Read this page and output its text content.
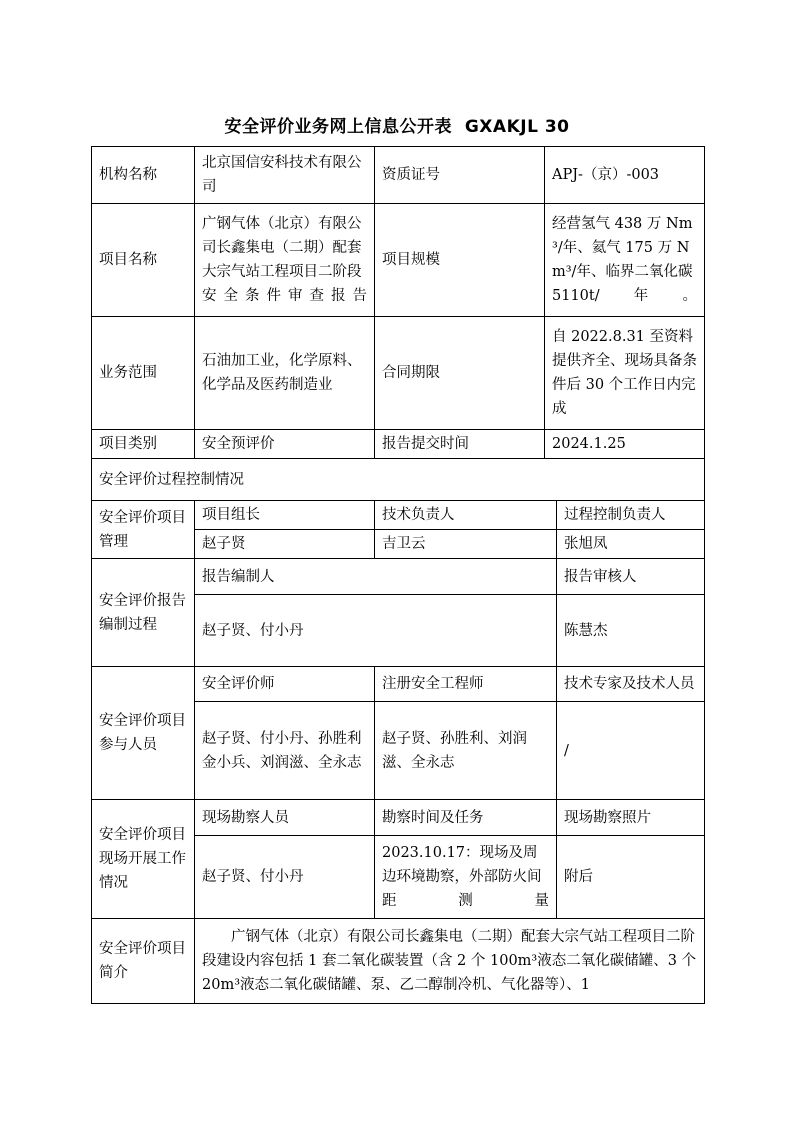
安全评价业务网上信息公开表  GXAKJL 30
机构名称	北京国信安科技术有限公司	资质证号	APJ-（京）-003	
项目名称	广钢气体（北京）有限公司长鑫集电（二期）配套大宗气站工程项目二阶段安全条件审查报告	项目规模	经营氢气 438 万 Nm³/年、氦气 175 万 Nm³/年、临界二氧化碳 5110t/年。	
业务范围	石油加工业，化学原料、化学品及医药制造业	合同期限	自 2022.8.31 至资料提供齐全、现场具备条件后 30 个工作日内完成	
项目类别	安全预评价	报告提交时间	2024.1.25	
安全评价过程控制情况				
安全评价项目管理	项目组长	技术负责人		过程控制负责人
	赵子贤	吉卫云		张旭凤
安全评价报告编制过程	报告编制人			报告审核人
	赵子贤、付小丹			陈慧杰
安全评价项目参与人员	安全评价师	注册安全工程师		技术专家及技术人员
	赵子贤、付小丹、孙胜利金小兵、刘润滋、全永志	赵子贤、孙胜利、刘润滋、全永志		/
安全评价项目现场开展工作情况	现场勘察人员	勘察时间及任务		现场勘察照片
	赵子贤、付小丹	2023.10.17：现场及周边环境勘察，外部防火间距测量		附后
安全评价项目简介	广钢气体（北京）有限公司长鑫集电（二期）配套大宗气站工程项目二阶段建设内容包括 1 套二氧化碳装置（含 2 个 100m³液态二氧化碳储罐、3 个 20m³液态二氧化碳储罐、泵、乙二醇制冷机、气化器等）、1			
